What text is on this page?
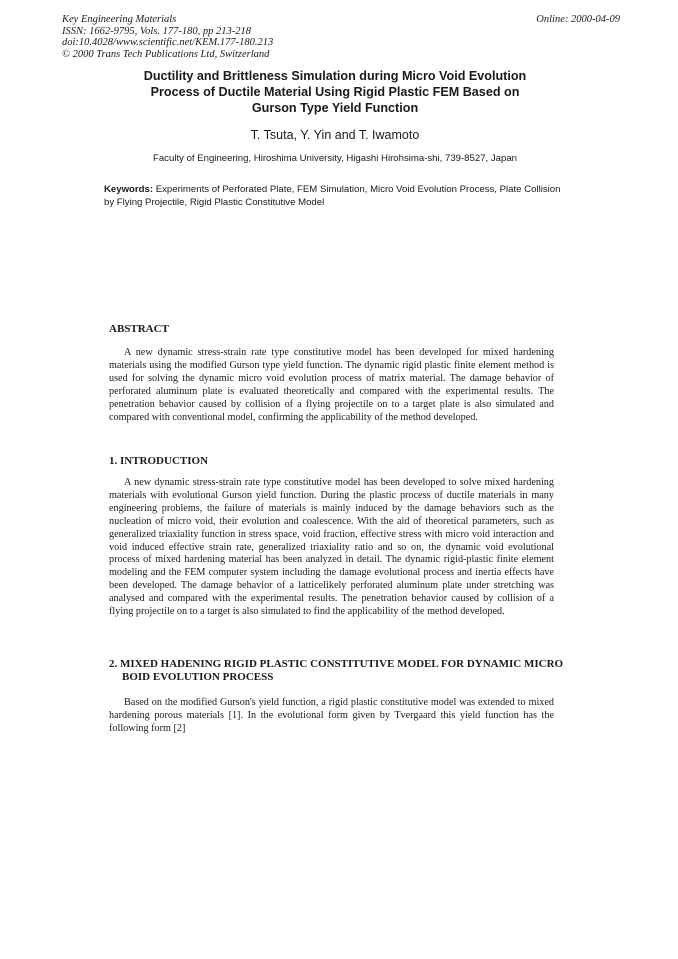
Key Engineering Materials
ISSN: 1662-9795, Vols. 177-180, pp 213-218
doi:10.4028/www.scientific.net/KEM.177-180.213
© 2000 Trans Tech Publications Ltd, Switzerland
Online: 2000-04-09
Ductility and Brittleness Simulation during Micro Void Evolution
Process of Ductile Material Using Rigid Plastic FEM Based on
Gurson Type Yield Function
T. Tsuta, Y. Yin and T. Iwamoto
Faculty of Engineering, Hiroshima University, Higashi Hirohsima-shi, 739-8527, Japan
Keywords: Experiments of Perforated Plate, FEM Simulation, Micro Void Evolution Process, Plate Collision by Flying Projectile, Rigid Plastic Constitutive Model
ABSTRACT
A new dynamic stress-strain rate type constitutive model has been developed for mixed hardening materials using the modified Gurson type yield function. The dynamic rigid plastic finite element method is used for solving the dynamic micro void evolution process of matrix material. The damage behavior of perforated aluminum plate is evaluated theoretically and compared with the experimental results. The penetration behavior caused by collision of a flying projectile on to a target plate is also simulated and compared with conventional model, confirming the applicability of the method developed.
1. INTRODUCTION
A new dynamic stress-strain rate type constitutive model has been developed to solve mixed hardening materials with evolutional Gurson yield function. During the plastic process of ductile materials in many engineering problems, the failure of materials is mainly induced by the damage behaviors such as the nucleation of micro void, their evolution and coalescence. With the aid of theoretical parameters, such as generalized triaxiality function in stress space, void fraction, effective stress with micro void interaction and void induced effective strain rate, generalized triaxiality ratio and so on, the dynamic void evolutional process of mixed hardening material has been analyzed in detail. The dynamic rigid-plastic finite element modeling and the FEM computer system including the damage evolutional process and inertia effects have been developed. The damage behavior of a latticelikely perforated aluminum plate under stretching was analysed and compared with the experimental results. The penetration behavior caused by collision of a flying projectile on to a target is also simulated to find the applicability of the method developed.
2. MIXED HADENING RIGID PLASTIC CONSTITUTIVE MODEL FOR DYNAMIC MICRO
BOID EVOLUTION PROCESS
Based on the modified Gurson's yield function, a rigid plastic constitutive model was extended to mixed hardening porous materials [1]. In the evolutional form given by Tvergaard this yield function has the following form [2]
